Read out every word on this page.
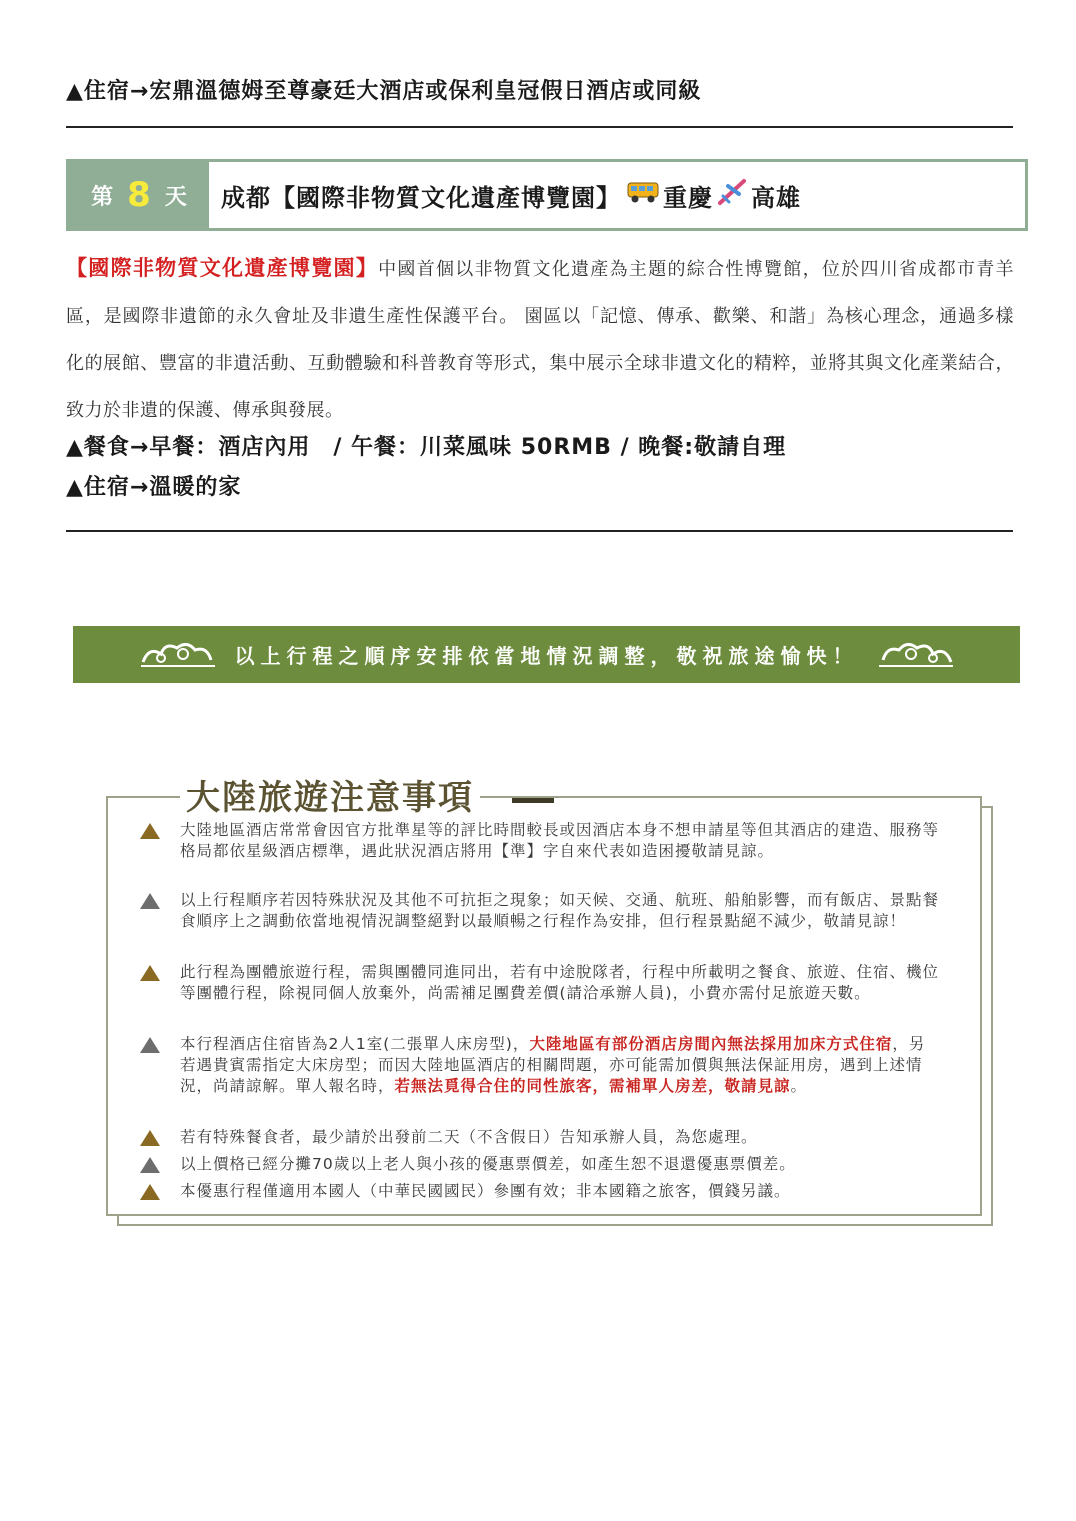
▲住宿→宏鼎溫德姆至尊豪廷大酒店或保利皇冠假日酒店或同級
第 8 天 成都【國際非物質文化遺產博覽園】 重慶 高雄
【國際非物質文化遺產博覽園】中國首個以非物質文化遺產為主題的綜合性博覽館，位於四川省成都市青羊區，是國際非遺節的永久會址及非遺生產性保護平台。 園區以「記憶、傳承、歡樂、和諧」為核心理念，通過多樣化的展館、豐富的非遺活動、互動體驗和科普教育等形式，集中展示全球非遺文化的精粹，並將其與文化產業結合，致力於非遺的保護、傳承與發展。
▲餐食→早餐：酒店內用　/ 午餐：川菜風味 50RMB / 晚餐:敬請自理
▲住宿→溫暖的家
以上行程之順序安排依當地情況調整，敬祝旅途愉快！
大陸旅遊注意事項
大陸地區酒店常常會因官方批準星等的評比時間較長或因酒店本身不想申請星等但其酒店的建造、服務等格局都依星級酒店標準，遇此狀況酒店將用【準】字自來代表如造困擾敬請見諒。
以上行程順序若因特殊狀況及其他不可抗拒之現象；如天候、交通、航班、船舶影響，而有飯店、景點餐食順序上之調動依當地視情況調整絕對以最順暢之行程作為安排，但行程景點絕不減少，敬請見諒！
此行程為團體旅遊行程，需與團體同進同出，若有中途脫隊者，行程中所載明之餐食、旅遊、住宿、機位等團體行程，除視同個人放棄外，尚需補足團費差價(請洽承辦人員)，小費亦需付足旅遊天數。
本行程酒店住宿皆為2人1室(二張單人床房型)，大陸地區有部份酒店房間內無法採用加床方式住宿，另若遇貴賓需指定大床房型；而因大陸地區酒店的相關問題，亦可能需加價與無法保証用房，遇到上述情況，尚請諒解。單人報名時，若無法覓得合住的同性旅客，需補單人房差，敬請見諒。
若有特殊餐食者，最少請於出發前二天（不含假日）告知承辦人員，為您處理。
以上價格已經分攤70歲以上老人與小孩的優惠票價差，如產生恕不退還優惠票價差。
本優惠行程僅適用本國人（中華民國國民）參團有效；非本國籍之旅客，價錢另議。
